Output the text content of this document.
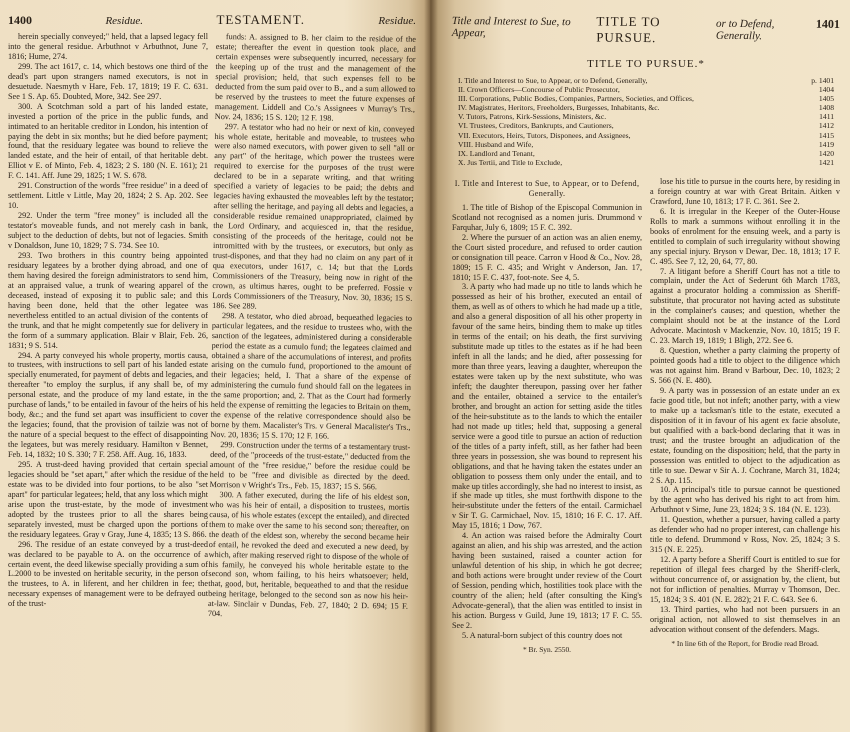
1400	Residue.	TESTAMENT.	Residue.

herein specially conveyed;" held, that a lapsed legacy fell into the general residue. Arbuthnot v Arbuthnot, June 7, 1816; Hume, 274.

299. The act 1617, c. 14, which bestows one third of the dead's part upon strangers named executors, is not in desuetude. Naesmyth v Hare, Feb. 17, 1819; 19 F. C. 631. See 1 S. Ap. 65. Doubted, More, 342. See 297.

300. A Scotchman sold a part of his landed estate, invested a portion of the price in the public funds, and intimated to an heritable creditor in London, his intention of paying the debt in six months; but he died before payment; found, that the residuary legatee was bound to relieve the landed estate, and the heir of entail, of that heritable debt. Elliot v E. of Minto, Feb. 4, 1823; 2 S. 180 (N. E. 161); 21 F. C. 141. Aff. June 29, 1825; 1 W. S. 678.

291. Construction of the words "free residue" in a deed of settlement. Little v Little, May 20, 1824; 2 S. Ap. 202. See 10.

292. Under the term "free money" is included all the testator's moveable funds, and not merely cash in bank, subject to the deduction of debts, but not of legacies. Smith v Donaldson, June 10, 1829; 7 S. 734. See 10.

293. Two brothers in this country being appointed residuary legatees by a brother dying abroad, and one of them having desired the foreign administrators to send him, at an appraised value, a trunk of wearing apparel of the deceased, instead of exposing it to public sale; and this having been done, held that the other legatee was nevertheless entitled to an actual division of the contents of the trunk, and that he might competently sue for delivery in the form of a summary application. Blair v Blair, Feb. 26, 1831; 9 S. 514.

294. A party conveyed his whole property, mortis causa, to trustees, with instructions to sell part of his landed estate specially enumerated, for payment of debts and legacies, and thereafter "to employ the surplus, if any shall be, of my personal estate, and the produce of my land estate, in the purchase of lands," to be entailed in favour of the heirs of his body, &c.; and the fund set apart was insufficient to cover the legacies; found, that the provision of tailzie was not of the nature of a special bequest to the effect of disappointing the legatees, but was merely residuary. Hamilton v Bennet, Feb. 14, 1832; 10 S. 330; 7 F. 258. Aff. Aug. 16, 1833.

295. A trust-deed having provided that certain special legacies should be "set apart," after which the residue of the estate was to be divided into four portions, to be also "set apart" for particular legatees; held, that any loss which might arise upon the trust-estate, by the mode of investment adopted by the trustees prior to all the shares being separately invested, must be charged upon the portions of the residuary legatees. Gray v Gray, June 4, 1835; 13 S. 866.

296. The residue of an estate conveyed by a trust-deed was declared to be payable to A. on the occurrence of a certain event, the deed likewise specially providing a sum of L.2000 to be invested on heritable security, in the person of the trustees, to A. in liferent, and her children in fee; the necessary expenses of management were to be defrayed out of the trust-

funds: A. assigned to B. her claim to the residue of the estate; thereafter the event in question took place, and certain expenses were subsequently incurred, necessary for the keeping up of the trust and the management of the special provision; held, that such expenses fell to be deducted from the sum paid over to B., and a sum allowed to be reserved by the trustees to meet the future expenses of management. Liddell and Co.'s Assignees v Murray's Trs., Nov. 24, 1836; 15 S. 120; 12 F. 198.

297. A testator who had no heir or next of kin, conveyed his whole estate, heritable and moveable, to trustees who were also named executors, with power given to sell "all or any part" of the heritage, which power the trustees were required to exercise for the purposes of the trust were declared to be in a separate writing, and that writing specified a variety of legacies to be paid; the debts and legacies having exhausted the moveables left by the testator; after selling the heritage, and paying all debts and legacies, a considerable residue remained unappropriated, claimed by the Lord Ordinary, and acquiesced in, that the residue, consisting of the proceeds of the heritage, could not be intromitted with by the trustees, or executors, but only as trust-dispones, and that they had no claim on any part of it qua executors, under 1617, c. 14; but that the Lords Commissioners of the Treasury, being now in right of the crown, as ultimus hæres, ought to be preferred. Fossie v Lords Commissioners of the Treasury, Nov. 30, 1836; 15 S. 186. See 289.

298. A testator, who died abroad, bequeathed legacies to particular legatees, and the residue to trustees who, with the sanction of the legatees, administered during a considerable period the estate as a cumulo fund; the legatees claimed and obtained a share of the accumulations of interest, and profits arising on the cumulo fund, proportioned to the amount of their legacies; held, I. That a share of the expense of administering the cumulo fund should fall on the legatees in the same proportion; and, 2. That as the Court had formerly held the expense of remitting the legacies to Britain on them, the expense of the relative correspondence should also be borne by them. Macalister's Trs. v General Macalister's Trs., Nov. 20, 1836; 15 S. 170; 12 F. 166.

299. Construction under the terms of a testamentary trust-deed, of the "proceeds of the trust-estate," deducted from the amount of the "free residue," before the residue could be held to be "free and divisible as directed by the deed. Morrison v Wright's Trs., Feb. 15, 1837; 15 S. 566.

300. A father executed, during the life of his eldest son, who was his heir of entail, a disposition to trustees, mortis causa, of his whole estates (except the entailed), and directed them to make over the same to his second son; thereafter, on the death of the eldest son, whereby the second became heir of entail, he revoked the deed and executed a new deed, by which, after making reserved right to dispose of the whole of his family, he conveyed his whole heritable estate to the second son, whom failing, to his heirs whatsoever; held, that, good, but, heritable, bequeathed to and that the residue being heritage, belonged to the second son as now his heir-at-law. Sinclair v Dundas, Feb. 27, 1840; 2 D. 694; 15 F. 704.

Title and Interest to Sue, to Appear,
TITLE TO PURSUE.
or to Defend, Generally.
1401
TITLE TO PURSUE.*
I. Title and Interest to Sue, to Appear, or to Defend, Generally,	p. 1401
II. Crown Officers—Concourse of Public Prosecutor,	1404
III. Corporations, Public Bodies, Companies, Partners, Societies, and Offices,	1405
IV. Magistrates, Heritors, Freeholders, Burgesses, Inhabitants, &c.	1408
V. Tutors, Patrons, Kirk-Sessions, Ministers, &c.	1411
VI. Trustees, Creditors, Bankrupts, and Cautioners,	1412
VII. Executors, Heirs, Tutors, Disponees, and Assignees,	1415
VIII. Husband and Wife,	1419
IX. Landlord and Tenant,	1420
X. Jus Tertii, and Title to Exclude,	1421
I. Title and Interest to Sue, to Appear, or to Defend, Generally.

1. The title of Bishop of the Episcopal Communion in Scotland not recognised as a nomen juris. Drummond v Farquhar, July 6, 1809; 15 F. C. 392.

2. Where the pursuer of an action was an alien enemy, the Court sisted procedure, and refused to order caution or consignation till peace. Carron v Hood & Co., Nov. 28, 1809; 15 F. C. 435; and Wright v Anderson, Jan. 17, 1810; 15 F. C. 437, foot-note. See 4, 5.

3. A party who had made up no title to lands which he possessed as heir of his brother, executed an entail of them, as well as of others to which he had made up a title, and also a general disposition of all his other property in favour of the same heirs, binding them to make up titles in terms of the entail; on his death, the first surviving substitute made up titles to the estates as if he had been infeft in all the lands; and he died, after possessing for more than three years, leaving a daughter, whereupon the estates were taken up by the next substitute, who was infeft; the daughter thereupon, passing over her father and the entailer, obtained a service to the entailer's brother, and brought an action for setting aside the titles of the heir-substitute as to the lands to which the entailer had not made up titles; held that, supposing a general service were a good title to pursue an action of reduction of the titles of a party infeft, still, as her father had been three years in possession, she was bound to represent his obligations, and that he having taken the estates under an obligation to possess them only under the entail, and to make up titles accordingly, she had no interest to insist, as if she made up titles, she must forthwith dispone to the heir-substitute under the fetters of the entail. Carmichael v Sir T. G. Carmichael, Nov. 15, 1810; 16 F. C. 17. Aff. May 15, 1816; 1 Dow, 767.

4. An action was raised before the Admiralty Court against an alien, and his ship was arrested, and the action having been sustained, raised a counter action for unlawful detention of his ship, in which he got decree; and both actions were brought under review of the Court of Session, pending which, hostilities took place with the country of the alien; held (after consulting the King's Advocate-general), that the alien was entitled to insist in his action. Burgess v Guild, June 19, 1813; 17 F. C. 55. See 2.

5. A natural-born subject of this country does not

* Br. Syn. 2550.

lose his title to pursue in the courts here, by residing in a foreign country at war with Great Britain. Aitken v Crawford, June 10, 1813; 17 F. C. 361. See 2.

6. It is irregular in the Keeper of the Outer-House Rolls to mark a summons without enrolling it in the books of enrolment for the ensuing week, and a party is entitled to complain of such irregularity without showing any special injury. Bryson v Dewar, Dec. 18, 1813; 17 F. C. 495. See 7, 12, 20, 64, 77, 80.

7. A litigant before a Sheriff Court has not a title to complain, under the Act of Sederunt 6th March 1783, against a procurator holding a commission as Sheriff-substitute, that procurator not having acted as substitute in the complainer's causes; and question, whether the complaint should not be at the instance of the Lord Advocate. Macintosh v Mackenzie, Nov. 10, 1815; 19 F. C. 23. March 19, 1819; 1 Bligh, 272. See 6.

8. Question, whether a party claiming the property of pointed goods had a title to object to the diligence which was not against him. Brand v Barbour, Dec. 10, 1823; 2 S. 566 (N. E. 480).

9. A party was in possession of an estate under an ex facie good title, but not infeft; another party, with a view to make up a tacksman's title to the estate, executed a disposition of it in favour of his agent ex facie absolute, but qualified with a back-bond declaring that it was in trust; and the trustee brought an adjudication of the estate, founding on the disposition; held, that the party in possession was entitled to object to the adjudication as title to sue. Dewar v Sir A. J. Cochrane, March 31, 1824; 2 S. Ap. 115.

10. A principal's title to pursue cannot be questioned by the agent who has derived his right to act from him. Arbuthnot v Sime, June 23, 1824; 3 S. 184 (N. E. 123).

11. Question, whether a pursuer, having called a party as defender who had no proper interest, can challenge his title to defend. Drummond v Ross, Nov. 25, 1824; 3 S. 315 (N. E. 225).

12. A party before a Sheriff Court is entitled to sue for repetition of illegal fees charged by the Sheriff-clerk, without concurrence of, or assignation by, the client, but not for infliction of penalties. Murray v Thomson, Dec. 15, 1824; 3 S. 401 (N. E. 282); 21 F. C. 643. See 6.

13. Third parties, who had not been pursuers in an original action, not allowed to sist themselves in an advocation without consent of the defenders. Mags.

* In line 6th of the Report, for Brodie read Broad.
